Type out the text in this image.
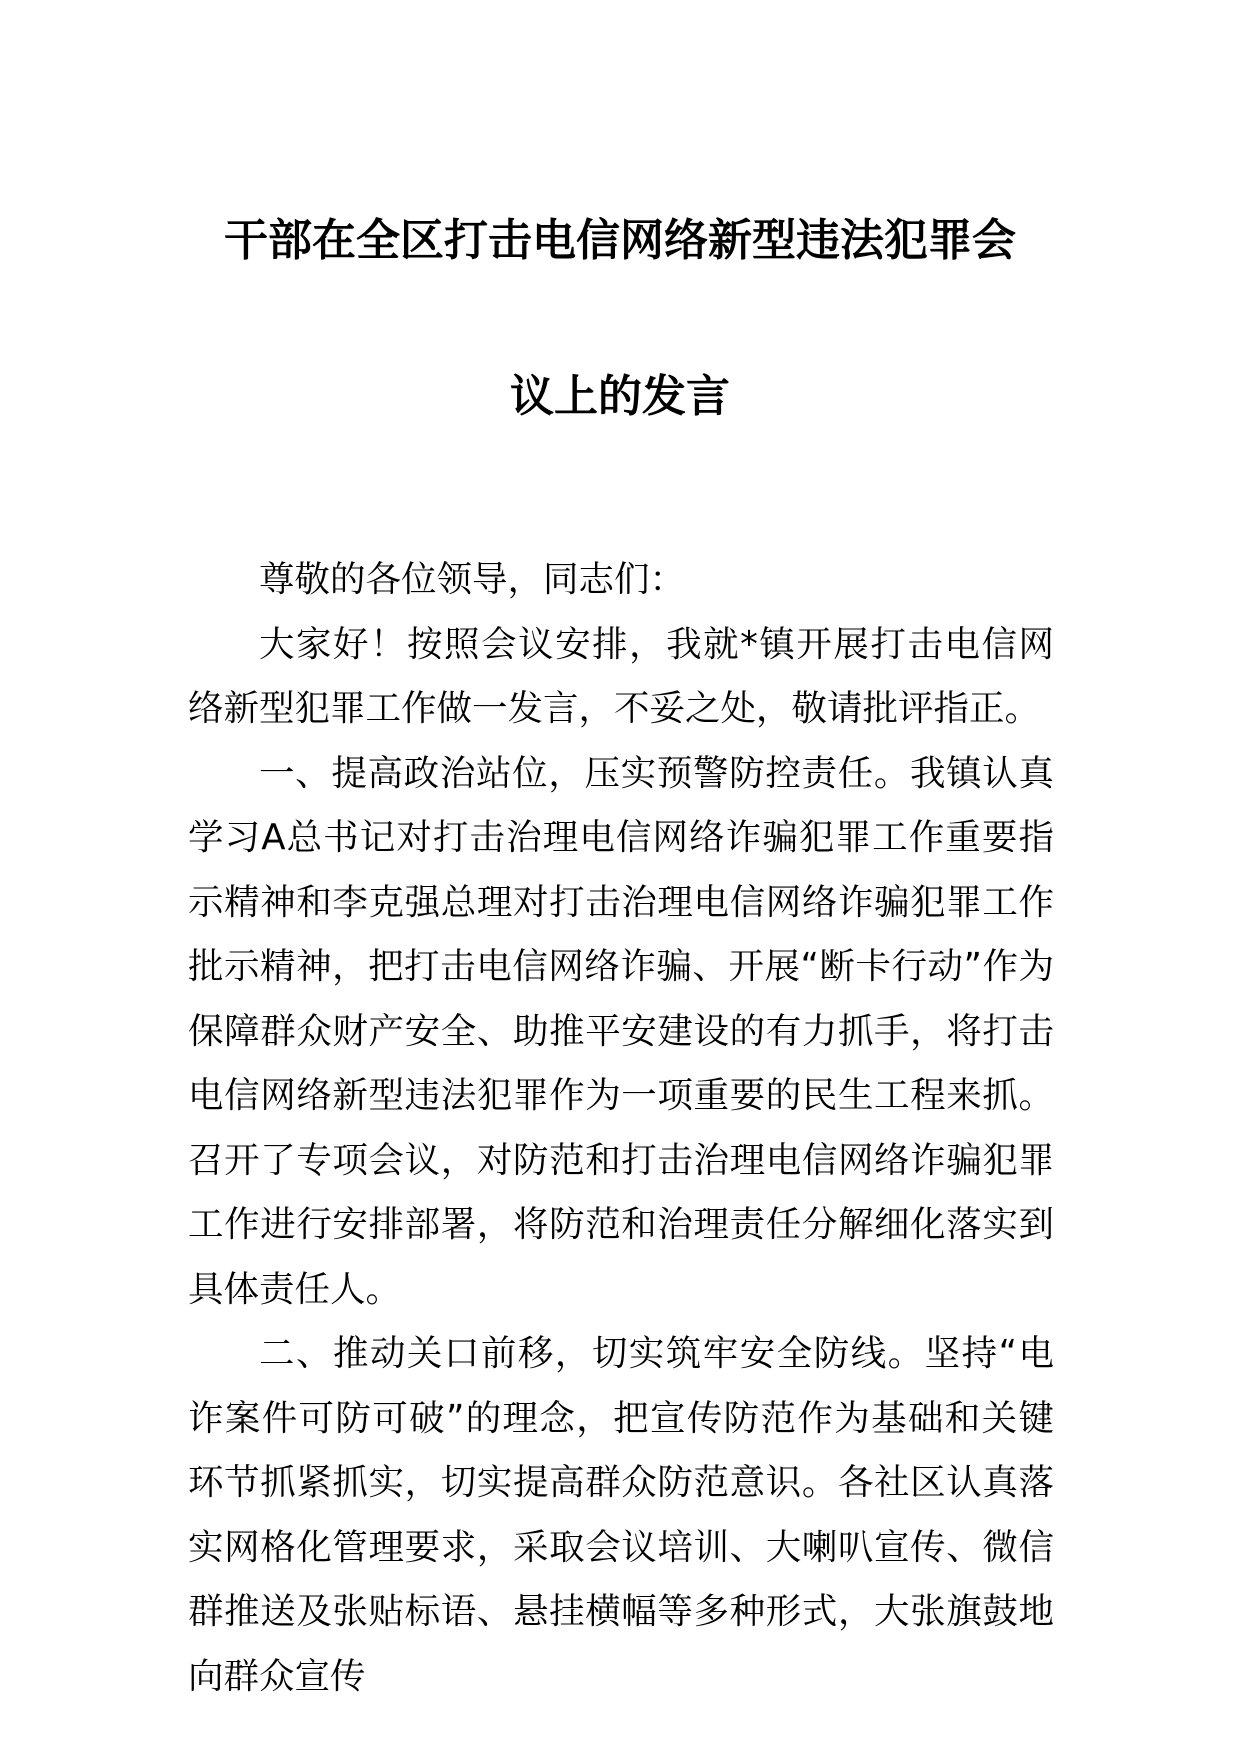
干部在全区打击电信网络新型违法犯罪会
议上的发言

尊敬的各位领导，同志们：

大家好！按照会议安排，我就*镇开展打击电信网络新型犯罪工作做一发言，不妥之处，敬请批评指正。

一、提高政治站位，压实预警防控责任。我镇认真学习A总书记对打击治理电信网络诈骗犯罪工作重要指示精神和李克强总理对打击治理电信网络诈骗犯罪工作批示精神，把打击电信网络诈骗、开展“断卡行动”作为保障群众财产安全、助推平安建设的有力抓手，将打击电信网络新型违法犯罪作为一项重要的民生工程来抓。召开了专项会议，对防范和打击治理电信网络诈骗犯罪工作进行安排部署，将防范和治理责任分解细化落实到具体责任人。

二、推动关口前移，切实筑牢安全防线。坚持“电诈案件可防可破”的理念，把宣传防范作为基础和关键环节抓紧抓实，切实提高群众防范意识。各社区认真落实网格化管理要求，采取会议培训、大喇叭宣传、微信群推送及张贴标语、悬挂横幅等多种形式，大张旗鼓地向群众宣传
